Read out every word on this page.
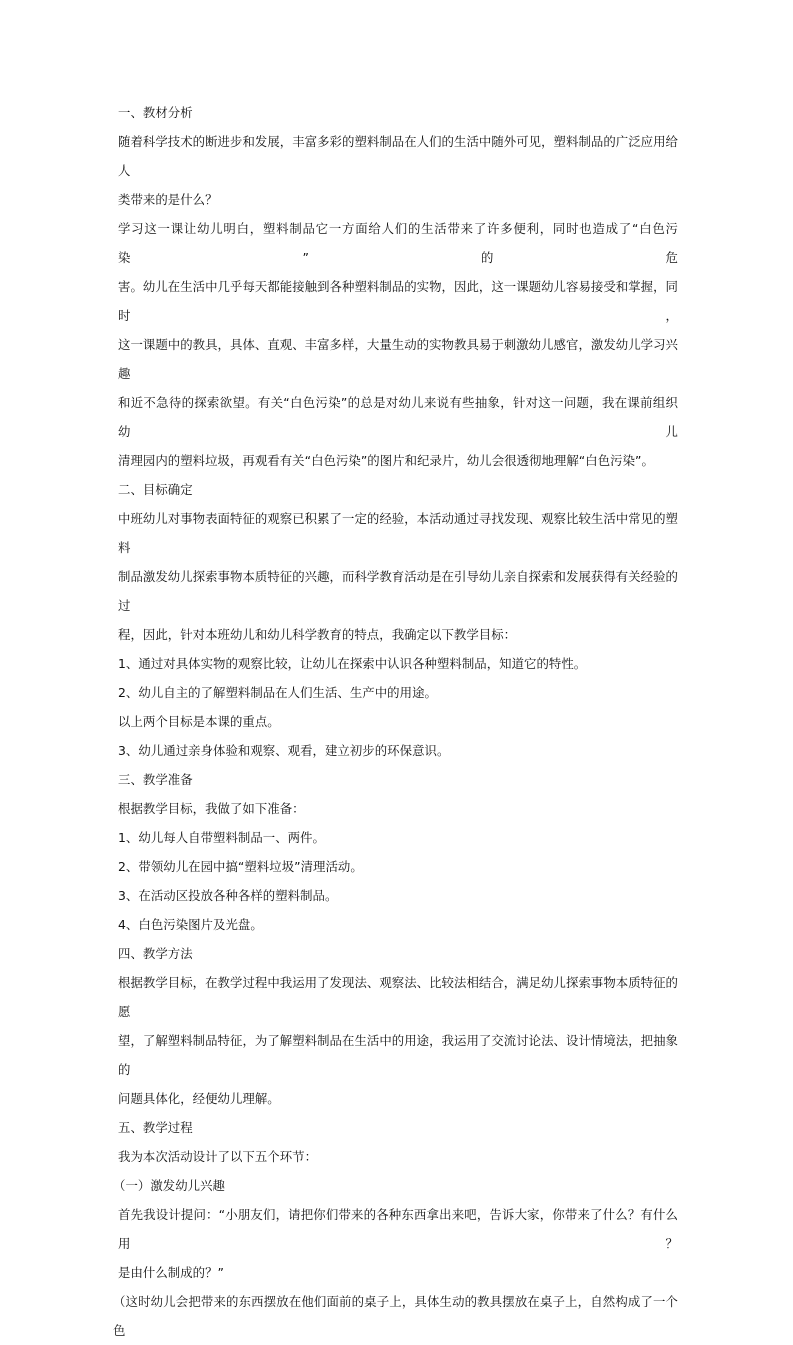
一、教材分析
随着科学技术的断进步和发展，丰富多彩的塑料制品在人们的生活中随外可见，塑料制品的广泛应用给人
类带来的是什么？
学习这一课让幼儿明白，塑料制品它一方面给人们的生活带来了许多便利，同时也造成了“白色污染”的危
害。幼儿在生活中几乎每天都能接触到各种塑料制品的实物，因此，这一课题幼儿容易接受和掌握，同时，
这一课题中的教具，具体、直观、丰富多样，大量生动的实物教具易于刺激幼儿感官，激发幼儿学习兴趣
和近不急待的探索欲望。有关“白色污染”的总是对幼儿来说有些抽象，针对这一问题，我在课前组织幼儿
清理园内的塑料垃圾，再观看有关“白色污染”的图片和纪录片，幼儿会很透彻地理解“白色污染”。
二、目标确定
中班幼儿对事物表面特征的观察已积累了一定的经验，本活动通过寻找发现、观察比较生活中常见的塑料
制品激发幼儿探索事物本质特征的兴趣，而科学教育活动是在引导幼儿亲自探索和发展获得有关经验的过
程，因此，针对本班幼儿和幼儿科学教育的特点，我确定以下教学目标：
1、通过对具体实物的观察比较，让幼儿在探索中认识各种塑料制品，知道它的特性。
2、幼儿自主的了解塑料制品在人们生活、生产中的用途。
以上两个目标是本课的重点。
3、幼儿通过亲身体验和观察、观看，建立初步的环保意识。
三、教学准备
根据教学目标，我做了如下准备：
1、幼儿每人自带塑料制品一、两件。
2、带领幼儿在园中搞“塑料垃圾”清理活动。
3、在活动区投放各种各样的塑料制品。
4、白色污染图片及光盘。
四、教学方法
根据教学目标，在教学过程中我运用了发现法、观察法、比较法相结合，满足幼儿探索事物本质特征的愿
望，了解塑料制品特征，为了解塑料制品在生活中的用途，我运用了交流讨论法、设计情境法，把抽象的
问题具体化，经便幼儿理解。
五、教学过程
我为本次活动设计了以下五个环节：
（一）激发幼儿兴趣
首先我设计提问：“小朋友们，请把你们带来的各种东西拿出来吧，告诉大家，你带来了什么？有什么用？
是由什么制成的？”
（这时幼儿会把带来的东西摆放在他们面前的桌子上，具体生动的教具摆放在桌子上，自然构成了一个色
